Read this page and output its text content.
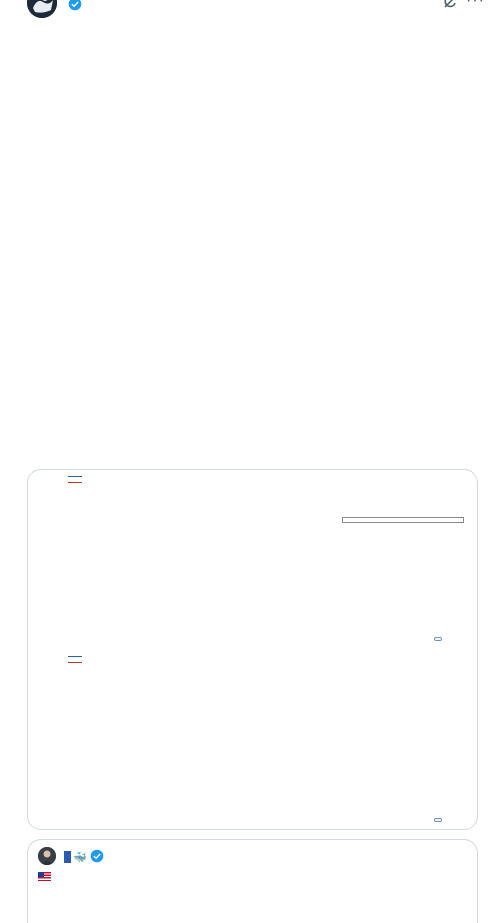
···

🐳
